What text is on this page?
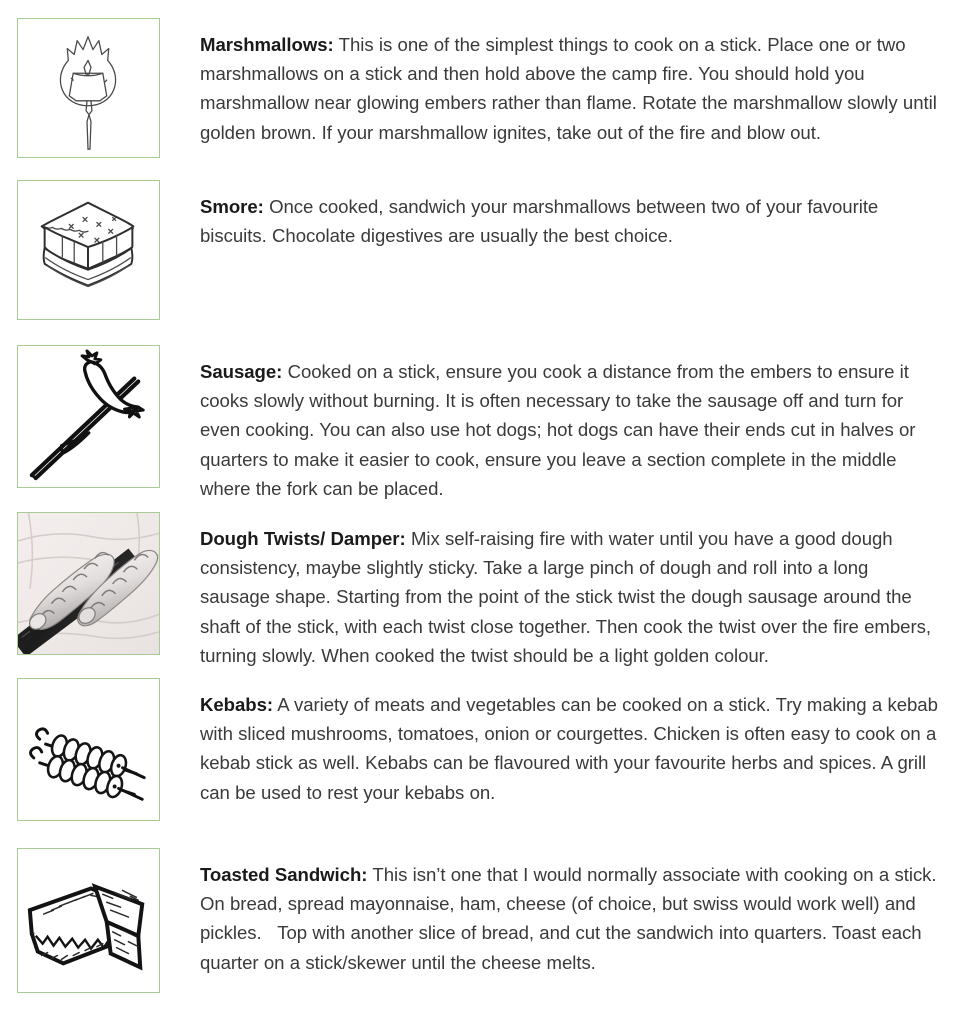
Marshmallows: This is one of the simplest things to cook on a stick. Place one or two marshmallows on a stick and then hold above the camp fire. You should hold you marshmallow near glowing embers rather than flame. Rotate the marshmallow slowly until golden brown. If your marshmallow ignites, take out of the fire and blow out.
Smore: Once cooked, sandwich your marshmallows between two of your favourite biscuits. Chocolate digestives are usually the best choice.
Sausage: Cooked on a stick, ensure you cook a distance from the embers to ensure it cooks slowly without burning. It is often necessary to take the sausage off and turn for even cooking. You can also use hot dogs; hot dogs can have their ends cut in halves or quarters to make it easier to cook, ensure you leave a section complete in the middle where the fork can be placed.
Dough Twists/ Damper: Mix self-raising fire with water until you have a good dough consistency, maybe slightly sticky. Take a large pinch of dough and roll into a long sausage shape. Starting from the point of the stick twist the dough sausage around the shaft of the stick, with each twist close together. Then cook the twist over the fire embers, turning slowly. When cooked the twist should be a light golden colour.
Kebabs: A variety of meats and vegetables can be cooked on a stick. Try making a kebab with sliced mushrooms, tomatoes, onion or courgettes. Chicken is often easy to cook on a kebab stick as well. Kebabs can be flavoured with your favourite herbs and spices. A grill can be used to rest your kebabs on.
Toasted Sandwich: This isn’t one that I would normally associate with cooking on a stick. On bread, spread mayonnaise, ham, cheese (of choice, but swiss would work well) and pickles. Top with another slice of bread, and cut the sandwich into quarters. Toast each quarter on a stick/skewer until the cheese melts.
